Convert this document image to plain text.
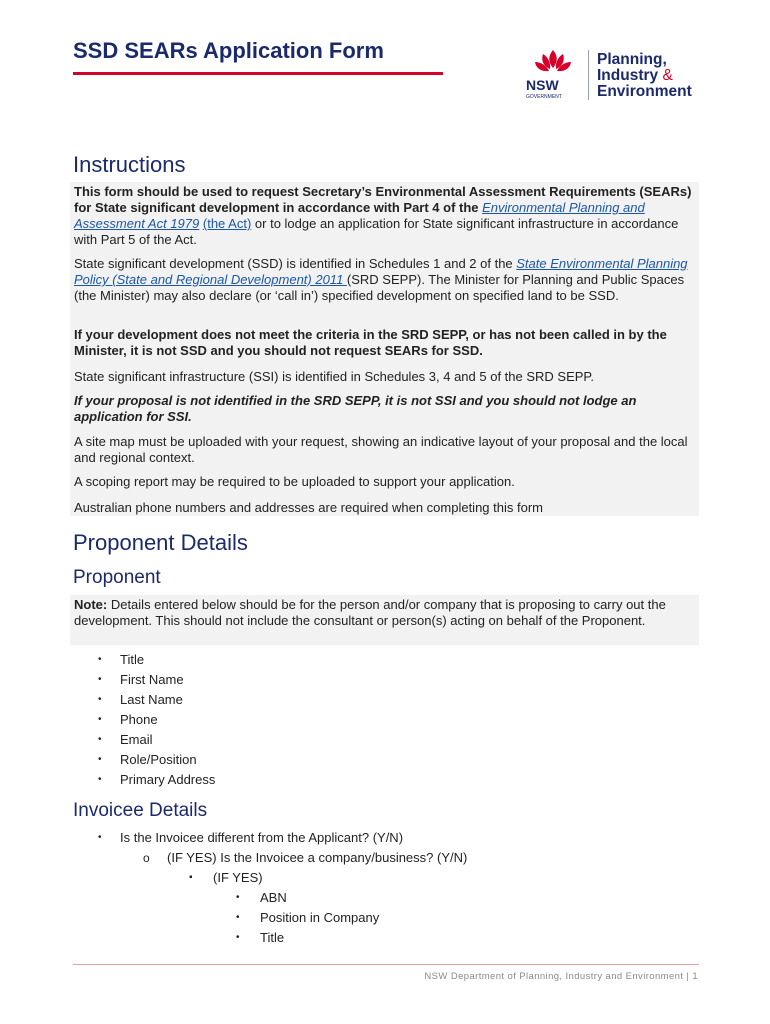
SSD SEARs Application Form
NSW
GOVERNMENT
Planning,
Industry &
Environment
Instructions

This form should be used to request Secretary’s Environmental Assessment Requirements (SEARs) for State significant development in accordance with Part 4 of the Environmental Planning and Assessment Act 1979 (the Act) or to lodge an application for State significant infrastructure in accordance with Part 5 of the Act.

State significant development (SSD) is identified in Schedules 1 and 2 of the State Environmental Planning Policy (State and Regional Development) 2011 (SRD SEPP). The Minister for Planning and Public Spaces (the Minister) may also declare (or ‘call in’) specified development on specified land to be SSD.

If your development does not meet the criteria in the SRD SEPP, or has not been called in by the Minister, it is not SSD and you should not request SEARs for SSD.

State significant infrastructure (SSI) is identified in Schedules 3, 4 and 5 of the SRD SEPP.

If your proposal is not identified in the SRD SEPP, it is not SSI and you should not lodge an application for SSI.

A site map must be uploaded with your request, showing an indicative layout of your proposal and the local and regional context.

A scoping report may be required to be uploaded to support your application.

Australian phone numbers and addresses are required when completing this form

Proponent Details
Proponent

Note: Details entered below should be for the person and/or company that is proposing to carry out the development. This should not include the consultant or person(s) acting on behalf of the Proponent.

• Title
• First Name
• Last Name
• Phone
• Email
• Role/Position
• Primary Address
Invoicee Details
• Is the Invoicee different from the Applicant? (Y/N)
o (IF YES) Is the Invoicee a company/business? (Y/N)
▪ (IF YES)
• ABN
• Position in Company
• Title
NSW Department of Planning, Industry and Environment | 1
